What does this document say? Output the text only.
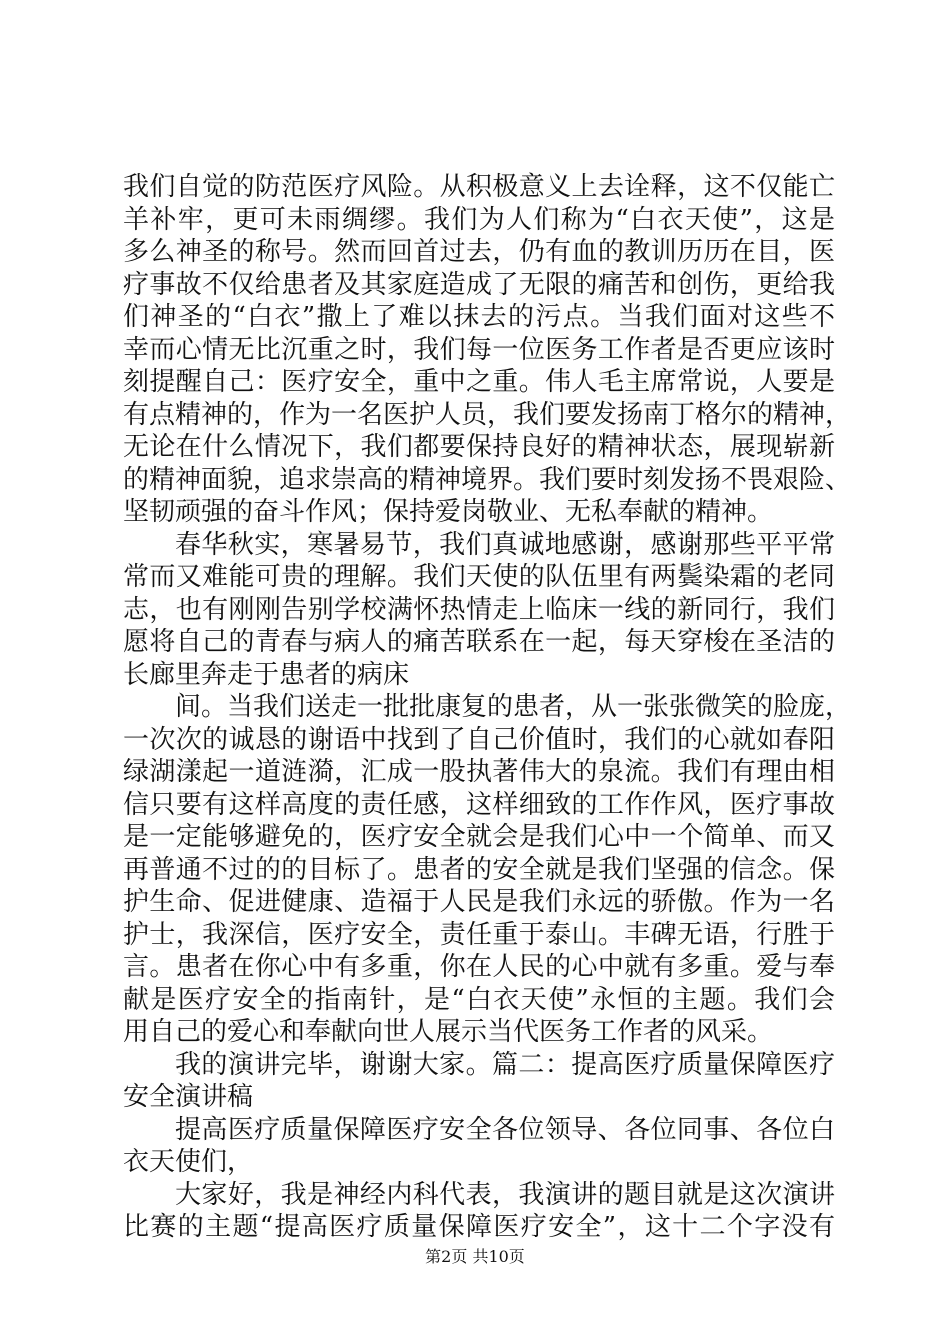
我们自觉的防范医疗风险。从积极意义上去诠释，这不仅能亡
羊补牢，更可未雨绸缪。我们为人们称为“白衣天使”，这是
多么神圣的称号。然而回首过去，仍有血的教训历历在目，医
疗事故不仅给患者及其家庭造成了无限的痛苦和创伤，更给我
们神圣的“白衣”撒上了难以抹去的污点。当我们面对这些不
幸而心情无比沉重之时，我们每一位医务工作者是否更应该时
刻提醒自己：医疗安全，重中之重。伟人毛主席常说，人要是
有点精神的，作为一名医护人员，我们要发扬南丁格尔的精神，
无论在什么情况下，我们都要保持良好的精神状态，展现崭新
的精神面貌，追求崇高的精神境界。我们要时刻发扬不畏艰险、
坚韧顽强的奋斗作风；保持爱岗敬业、无私奉献的精神。
春华秋实，寒暑易节，我们真诚地感谢，感谢那些平平常
常而又难能可贵的理解。我们天使的队伍里有两鬓染霜的老同
志，也有刚刚告别学校满怀热情走上临床一线的新同行，我们
愿将自己的青春与病人的痛苦联系在一起，每天穿梭在圣洁的
长廊里奔走于患者的病床
间。当我们送走一批批康复的患者，从一张张微笑的脸庞，
一次次的诚恳的谢语中找到了自己价值时，我们的心就如春阳
绿湖漾起一道涟漪，汇成一股执著伟大的泉流。我们有理由相
信只要有这样高度的责任感，这样细致的工作作风，医疗事故
是一定能够避免的，医疗安全就会是我们心中一个简单、而又
再普通不过的的目标了。患者的安全就是我们坚强的信念。保
护生命、促进健康、造福于人民是我们永远的骄傲。作为一名
护士，我深信，医疗安全，责任重于泰山。丰碑无语，行胜于
言。患者在你心中有多重，你在人民的心中就有多重。爱与奉
献是医疗安全的指南针，是“白衣天使”永恒的主题。我们会
用自己的爱心和奉献向世人展示当代医务工作者的风采。
我的演讲完毕，谢谢大家。篇二：提高医疗质量保障医疗
安全演讲稿
提高医疗质量保障医疗安全各位领导、各位同事、各位白
衣天使们，
大家好，我是神经内科代表，我演讲的题目就是这次演讲
比赛的主题“提高医疗质量保障医疗安全”，这十二个字没有
第2页 共10页
